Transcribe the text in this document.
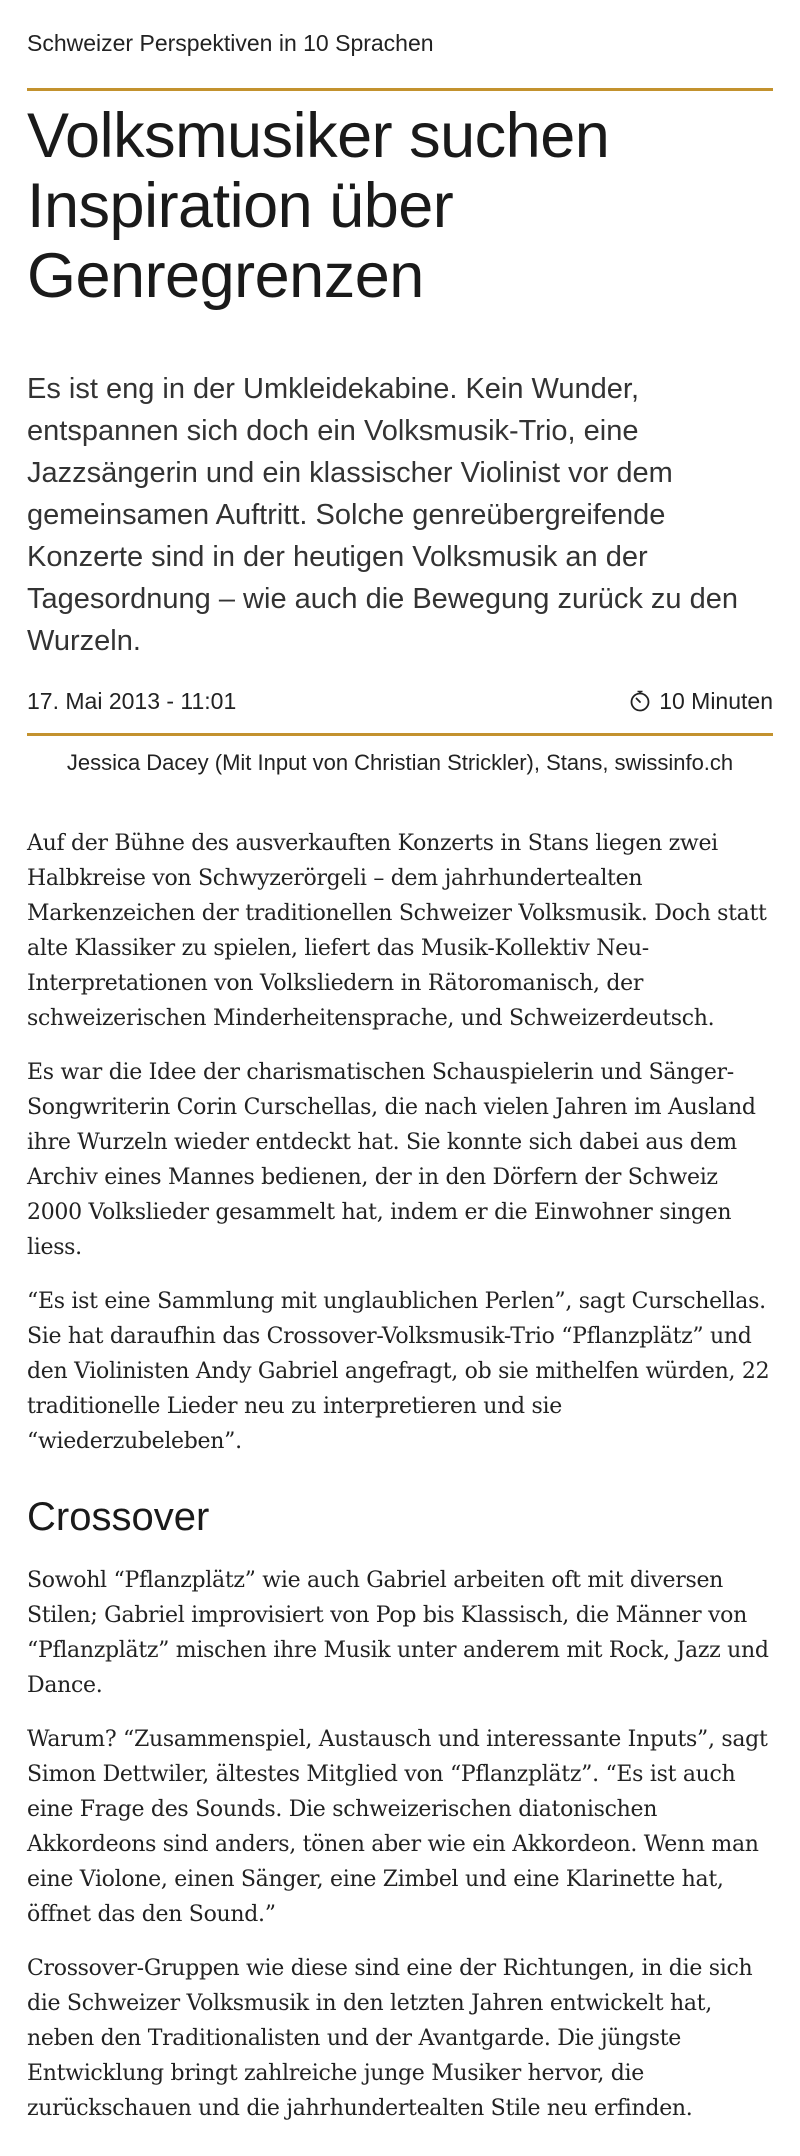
Schweizer Perspektiven in 10 Sprachen
Volksmusiker suchen Inspiration über Genregrenzen

Es ist eng in der Umkleidekabine. Kein Wunder, entspannen sich doch ein Volksmusik-Trio, eine Jazzsängerin und ein klassischer Violinist vor dem gemeinsamen Auftritt. Solche genreübergreifende Konzerte sind in der heutigen Volksmusik an der Tagesordnung – wie auch die Bewegung zurück zu den Wurzeln.

17. Mai 2013 - 11:01	10 Minuten
Jessica Dacey (Mit Input von Christian Strickler), Stans, swissinfo.ch

Auf der Bühne des ausverkauften Konzerts in Stans liegen zwei Halbkreise von Schwyzerörgeli – dem jahrhundertealten Markenzeichen der traditionellen Schweizer Volksmusik. Doch statt alte Klassiker zu spielen, liefert das Musik-Kollektiv Neu-Interpretationen von Volksliedern in Rätoromanisch, der schweizerischen Minderheitensprache, und Schweizerdeutsch.

Es war die Idee der charismatischen Schauspielerin und Sänger-Songwriterin Corin Curschellas, die nach vielen Jahren im Ausland ihre Wurzeln wieder entdeckt hat. Sie konnte sich dabei aus dem Archiv eines Mannes bedienen, der in den Dörfern der Schweiz 2000 Volkslieder gesammelt hat, indem er die Einwohner singen liess.

“Es ist eine Sammlung mit unglaublichen Perlen”, sagt Curschellas. Sie hat daraufhin das Crossover-Volksmusik-Trio “Pflanzplätz” und den Violinisten Andy Gabriel angefragt, ob sie mithelfen würden, 22 traditionelle Lieder neu zu interpretieren und sie “wiederzubeleben”.

Crossover

Sowohl “Pflanzplätz” wie auch Gabriel arbeiten oft mit diversen Stilen; Gabriel improvisiert von Pop bis Klassisch, die Männer von “Pflanzplätz” mischen ihre Musik unter anderem mit Rock, Jazz und Dance.

Warum? “Zusammenspiel, Austausch und interessante Inputs”, sagt Simon Dettwiler, ältestes Mitglied von “Pflanzplätz”. “Es ist auch eine Frage des Sounds. Die schweizerischen diatonischen Akkordeons sind anders, tönen aber wie ein Akkordeon. Wenn man eine Violone, einen Sänger, eine Zimbel und eine Klarinette hat, öffnet das den Sound.”

Crossover-Gruppen wie diese sind eine der Richtungen, in die sich die Schweizer Volksmusik in den letzten Jahren entwickelt hat, neben den Traditionalisten und der Avantgarde. Die jüngste Entwicklung bringt zahlreiche junge Musiker hervor, die zurückschauen und die jahrhundertealten Stile neu erfinden.
